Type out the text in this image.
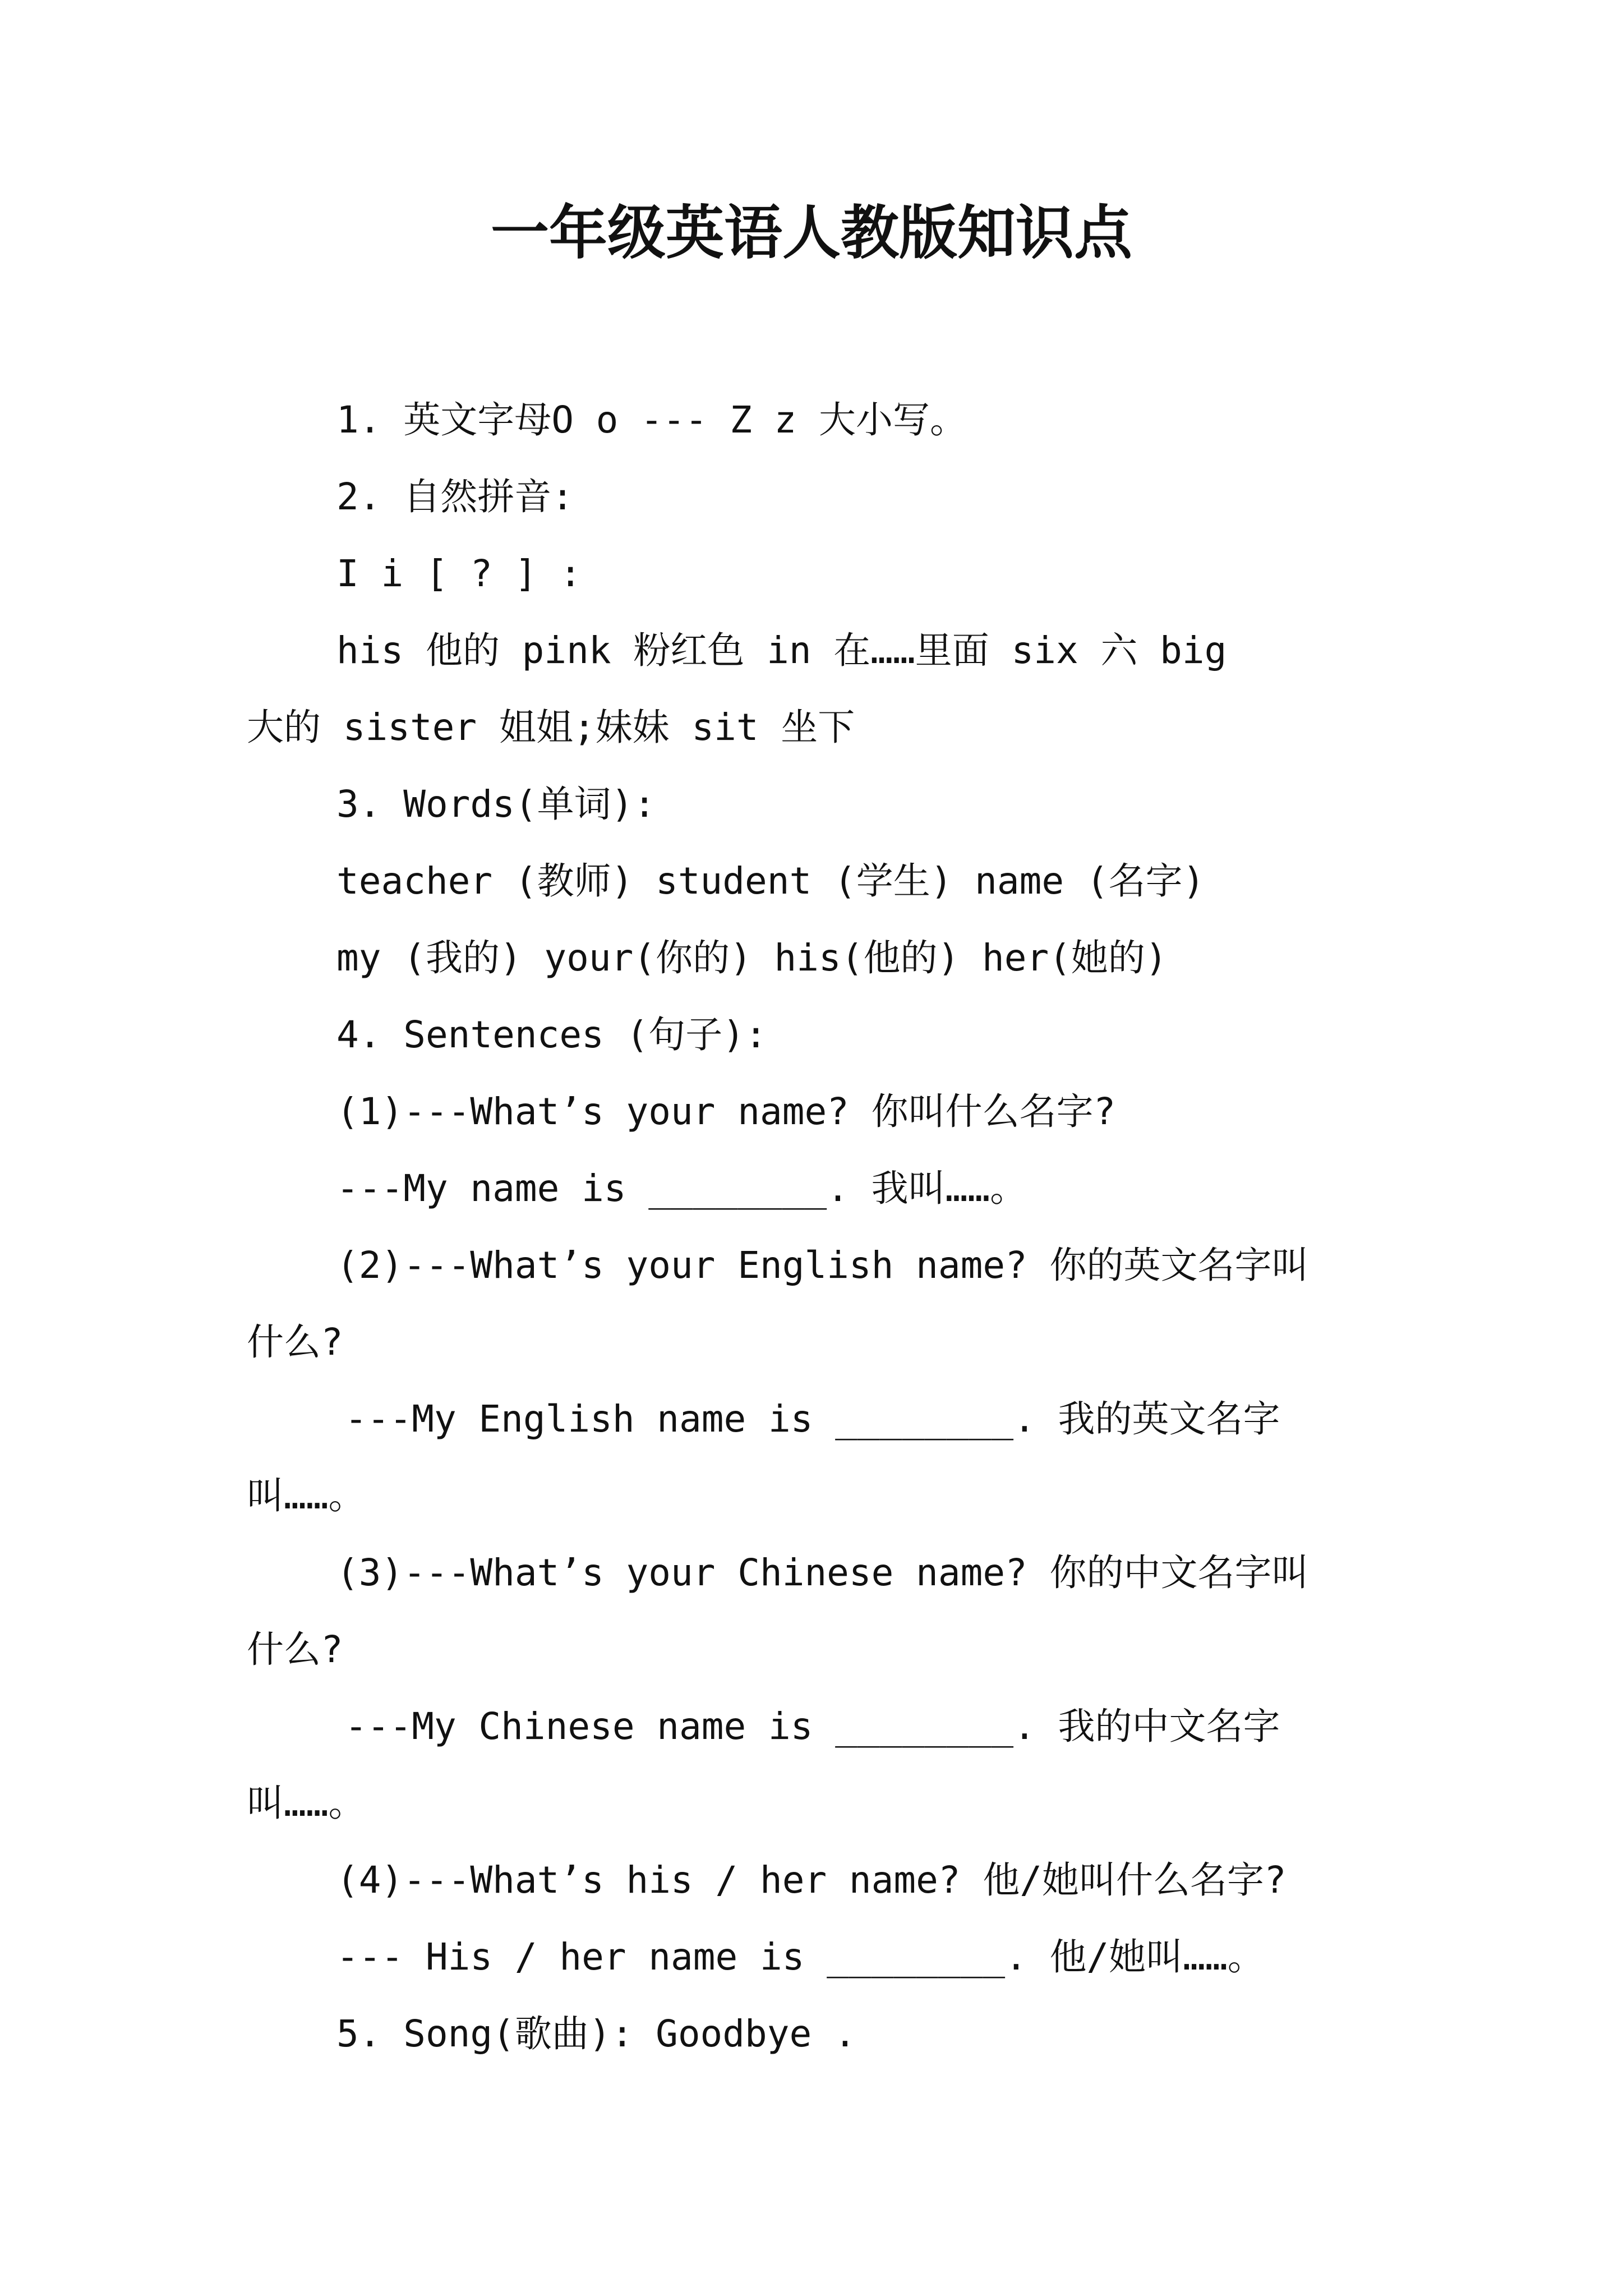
一年级英语人教版知识点
1. 英文字母O o --- Z z 大小写。
2. 自然拼音:
I i [ ? ] :
his 他的 pink 粉红色 in 在……里面 six 六 big
大的 sister 姐姐;妹妹 sit 坐下
3. Words(单词):
teacher (教师) student (学生) name (名字)
my (我的) your(你的) his(他的) her(她的)
4. Sentences (句子):
(1)---What’s your name? 你叫什么名字?
---My name is ________. 我叫……。
(2)---What’s your English name? 你的英文名字叫
什么?
---My English name is ________. 我的英文名字
叫……。
(3)---What’s your Chinese name? 你的中文名字叫
什么?
---My Chinese name is ________. 我的中文名字
叫……。
(4)---What’s his / her name? 他/她叫什么名字?
--- His / her name is ________. 他/她叫……。
5. Song(歌曲): Goodbye .
